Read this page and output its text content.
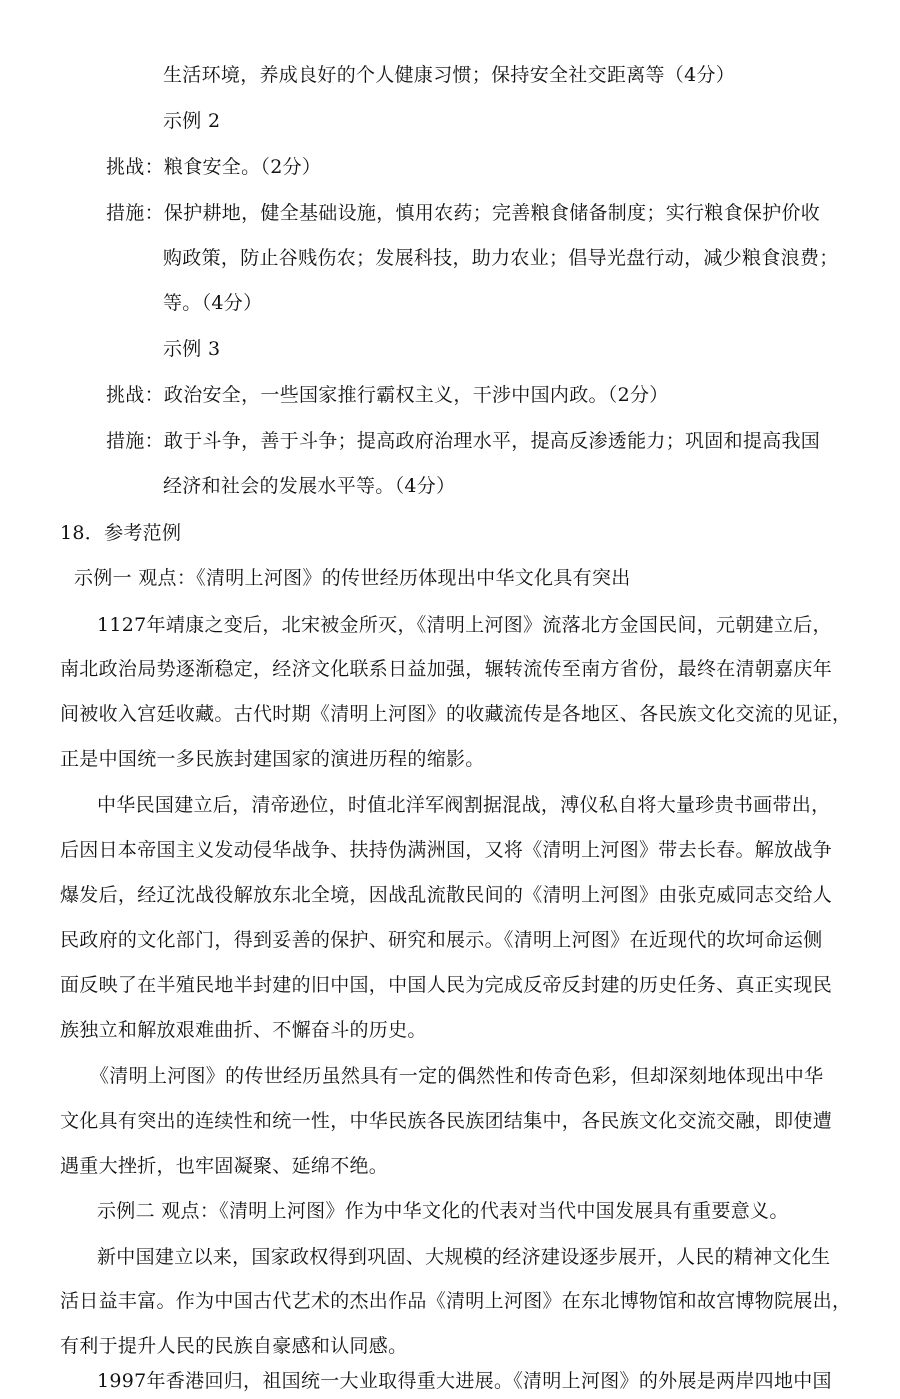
生活环境，养成良好的个人健康习惯；保持安全社交距离等（4分）
示例 2
挑战：粮食安全。（2分）
措施：保护耕地，健全基础设施，慎用农药；完善粮食储备制度；实行粮食保护价收
购政策，防止谷贱伤农；发展科技，助力农业；倡导光盘行动，减少粮食浪费；
等。（4分）
示例 3
挑战：政治安全，一些国家推行霸权主义，干涉中国内政。（2分）
措施：敢于斗争，善于斗争；提高政府治理水平，提高反渗透能力；巩固和提高我国
经济和社会的发展水平等。（4分）
18．参考范例
示例一 观点：《清明上河图》的传世经历体现出中华文化具有突出
1127年靖康之变后，北宋被金所灭，《清明上河图》流落北方金国民间，元朝建立后，
南北政治局势逐渐稳定，经济文化联系日益加强，辗转流传至南方省份，最终在清朝嘉庆年
间被收入宫廷收藏。古代时期《清明上河图》的收藏流传是各地区、各民族文化交流的见证，
正是中国统一多民族封建国家的演进历程的缩影。
中华民国建立后，清帝逊位，时值北洋军阀割据混战，溥仪私自将大量珍贵书画带出，
后因日本帝国主义发动侵华战争、扶持伪满洲国，又将《清明上河图》带去长春。解放战争
爆发后，经辽沈战役解放东北全境，因战乱流散民间的《清明上河图》由张克威同志交给人
民政府的文化部门，得到妥善的保护、研究和展示。《清明上河图》在近现代的坎坷命运侧
面反映了在半殖民地半封建的旧中国，中国人民为完成反帝反封建的历史任务、真正实现民
族独立和解放艰难曲折、不懈奋斗的历史。
《清明上河图》的传世经历虽然具有一定的偶然性和传奇色彩，但却深刻地体现出中华
文化具有突出的连续性和统一性，中华民族各民族团结集中，各民族文化交流交融，即使遭
遇重大挫折，也牢固凝聚、延绵不绝。
示例二 观点：《清明上河图》作为中华文化的代表对当代中国发展具有重要意义。
新中国建立以来，国家政权得到巩固、大规模的经济建设逐步展开，人民的精神文化生
活日益丰富。作为中国古代艺术的杰出作品《清明上河图》在东北博物馆和故宫博物院展出，
有利于提升人民的民族自豪感和认同感。
1997年香港回归，祖国统一大业取得重大进展。《清明上河图》的外展是两岸四地中国
